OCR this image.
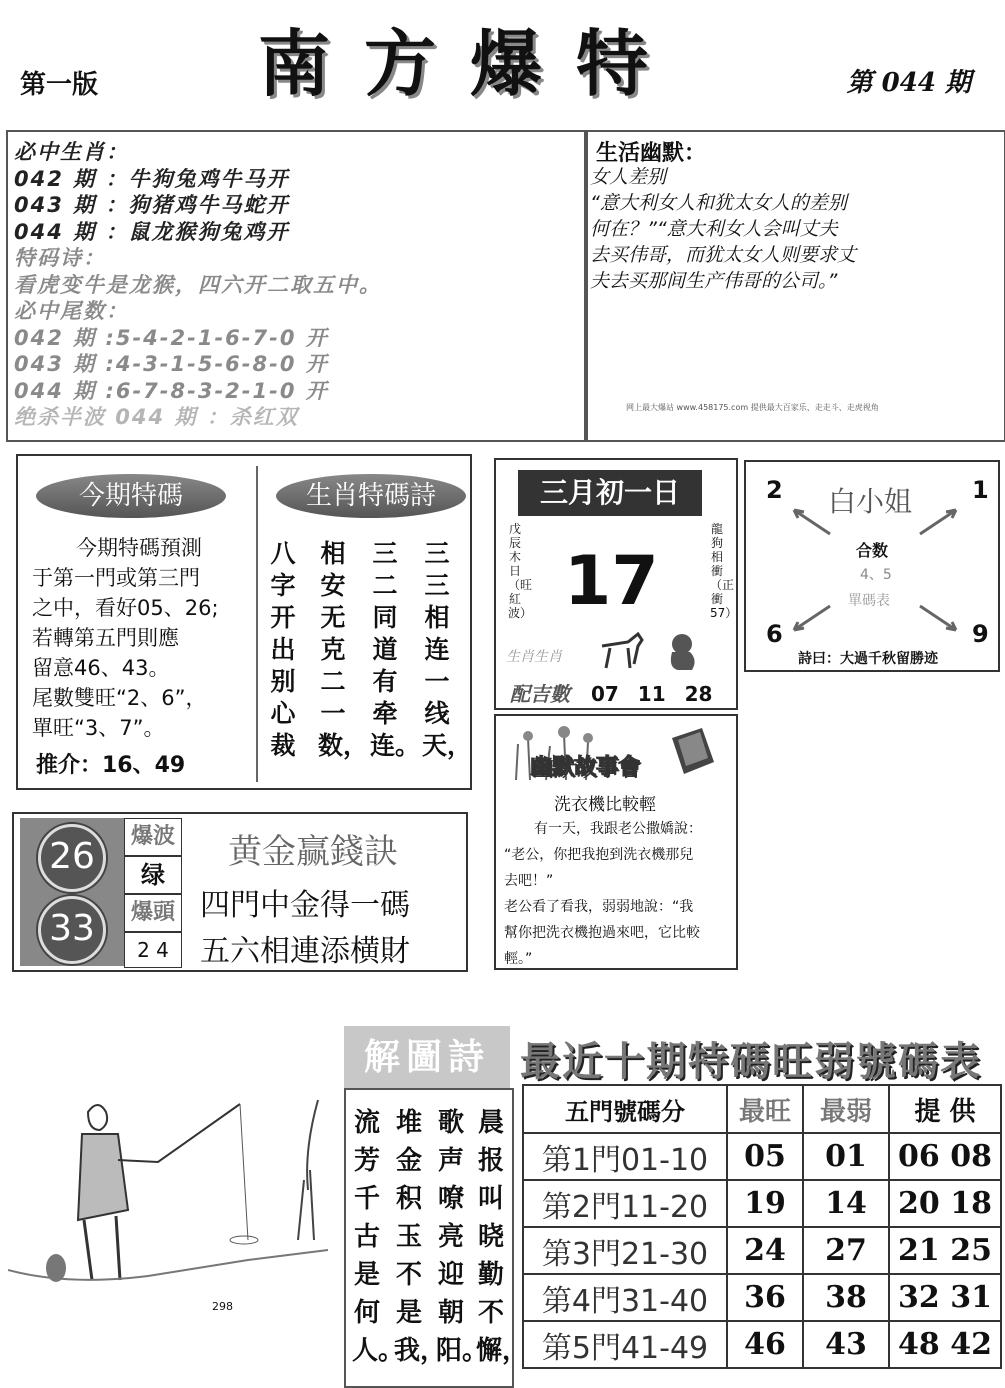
第一版	南方爆特	第 044 期
必中生肖：
042 期 ：牛狗兔鸡牛马开
043 期 ：狗猪鸡牛马蛇开
044 期 ：鼠龙猴狗兔鸡开
特码诗：
看虎变牛是龙猴，四六开二取五中。
必中尾数：
042 期 :5-4-2-1-6-7-0 开
043 期 :4-3-1-5-6-8-0 开
044 期 :6-7-8-3-2-1-0 开
绝杀半波 044 期 ：杀红双
生活幽默：
女人差别
“意大利女人和犹太女人的差别
何在？”“意大利女人会叫丈夫
去买伟哥，而犹太女人则要求丈
夫去买那间生产伟哥的公司。”
网上最大爆站 www.458175.com 提供最大百家乐、走走斗、走虎视角
今期特碼
今期特碼預測
于第一門或第三門
之中，看好05、26;
若轉第五門則應
留意46、43。
尾數雙旺“2、6”，
單旺“3、7”。
推介：16、49
生肖特碼詩
三三相连一线天，
三二同道有牵连。
相安无克二一数，
八字开出别心裁
三月初一日
戊辰木日（旺紅波）
龍狗相衝（正衝57）
17
生肖生肖
配吉數 07 11 28
白小姐
2	1
6	9
合数
4、5
單碼表
詩曰：大過千秋留勝迹
幽默故事會
洗衣機比較輕
有一天，我跟老公撒嬌說：
“老公，你把我抱到洗衣機那兒
去吧！”
老公看了看我，弱弱地說：“我
幫你把洗衣機抱過來吧，它比較
輕。”
26
33
爆波
绿
爆頭
2 4
黄金赢錢訣
四門中金得一碼
五六相連添横財
298
解圖詩
晨报叫晓勤不懈，
歌声嘹亮迎朝阳。
堆金积玉不是我，
流芳千古是何人。
最近十期特碼旺弱號碼表
五門號碼分	最旺	最弱	提 供
第1門01-10	05	01	06 08
第2門11-20	19	14	20 18
第3門21-30	24	27	21 25
第4門31-40	36	38	32 31
第5門41-49	46	43	48 42
